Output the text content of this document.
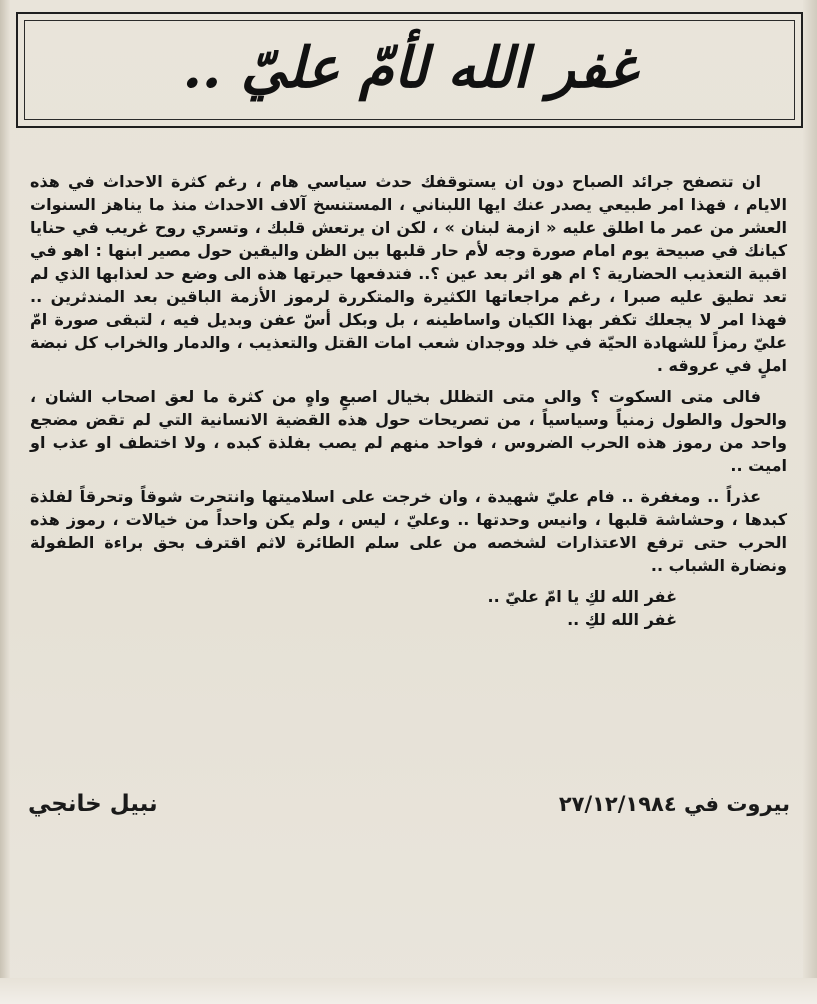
غفر الله لأمّ عليّ ..

ان تتصفح جرائد الصباح دون ان يستوقفك حدث سياسي هام ، رغم كثرة الاحداث في هذه الايام ، فهذا امر طبيعي يصدر عنك ايها اللبناني ، المستنسخ آلاف الاحداث منذ ما يناهز السنوات العشر من عمر ما اطلق عليه « ازمة لبنان » ، لكن ان يرتعش قلبك ، وتسري روح غريب في حنايا كيانك في صبيحة يوم امام صورة وجه لأم حار قلبها بين الظن واليقين حول مصير ابنها : اهو في اقبية التعذيب الحضارية ؟ ام هو اثر بعد عين ؟.. فتدفعها حيرتها هذه الى وضع حد لعذابها الذي لم تعد تطيق عليه صبرا ، رغم مراجعاتها الكثيرة والمتكررة لرموز الأزمة الباقين بعد المندثرين .. فهذا امر لا يجعلك تكفر بهذا الكيان واساطينه ، بل وبكل أسّ عفن وبديل فيه ، لتبقى صورة امّ عليّ رمزاً للشهادة الحيّة في خلد ووجدان شعب امات القتل والتعذيب ، والدمار والخراب كل نبضة املٍ في عروقه .

فالى متى السكوت ؟ والى متى التظلل بخيال اصبعٍ واهٍ من كثرة ما لعق اصحاب الشان ، والحول والطول زمنياً وسياسياً ، من تصريحات حول هذه القضية الانسانية التي لم تقض مضجع واحد من رموز هذه الحرب الضروس ، فواحد منهم لم يصب بفلذة كبده ، ولا اختطف او عذب او اميت ..

عذراً .. ومغفرة .. فام عليّ شهيدة ، وان خرجت على اسلاميتها وانتحرت شوقاً وتحرقاً لفلذة كبدها ، وحشاشة قلبها ، وانيس وحدتها .. وعليّ ، ليس ، ولم يكن واحداً من خيالات ، رموز هذه الحرب حتى ترفع الاعتذارات لشخصه من على سلم الطائرة لاثم اقترف بحق براءة الطفولة ونضارة الشباب ..

غفر الله لكِ يا امّ عليّ ..

غفر الله لكِ ..

بيروت في ٢٧/١٢/١٩٨٤
نبيل خانجي
